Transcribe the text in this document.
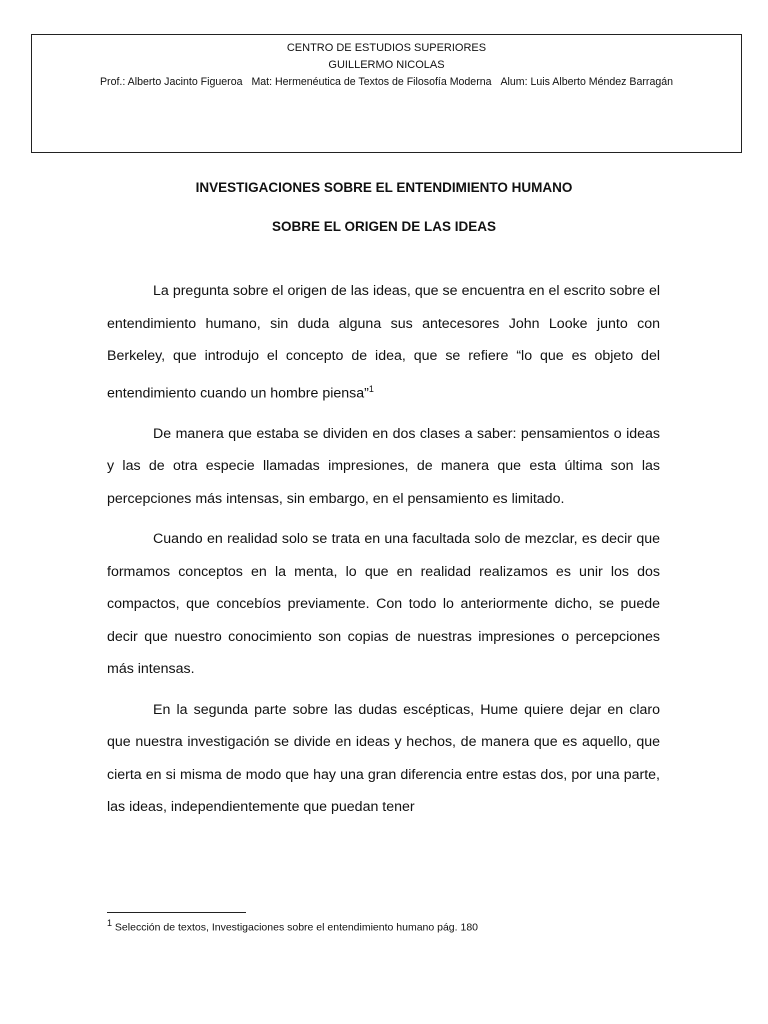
CENTRO DE ESTUDIOS SUPERIORES
GUILLERMO NICOLAS
Prof.: Alberto Jacinto Figueroa Mat: Hermenéutica de Textos de Filosofía Moderna Alum: Luis Alberto Méndez Barragán
INVESTIGACIONES SOBRE EL ENTENDIMIENTO HUMANO
SOBRE EL ORIGEN DE LAS IDEAS

La pregunta sobre el origen de las ideas, que se encuentra en el escrito sobre el entendimiento humano, sin duda alguna sus antecesores John Looke junto con Berkeley, que introdujo el concepto de idea, que se refiere “lo que es objeto del entendimiento cuando un hombre piensa”$^1$

De manera que estaba se dividen en dos clases a saber: pensamientos o ideas y las de otra especie llamadas impresiones, de manera que esta última son las percepciones más intensas, sin embargo, en el pensamiento es limitado.

Cuando en realidad solo se trata en una facultada solo de mezclar, es decir que formamos conceptos en la menta, lo que en realidad realizamos es unir los dos compactos, que concebíos previamente. Con todo lo anteriormente dicho, se puede decir que nuestro conocimiento son copias de nuestras impresiones o percepciones más intensas.

En la segunda parte sobre las dudas escépticas, Hume quiere dejar en claro que nuestra investigación se divide en ideas y hechos, de manera que es aquello, que cierta en si misma de modo que hay una gran diferencia entre estas dos, por una parte, las ideas, independientemente que puedan tener

$^1$ Selección de textos, Investigaciones sobre el entendimiento humano pág. 180
